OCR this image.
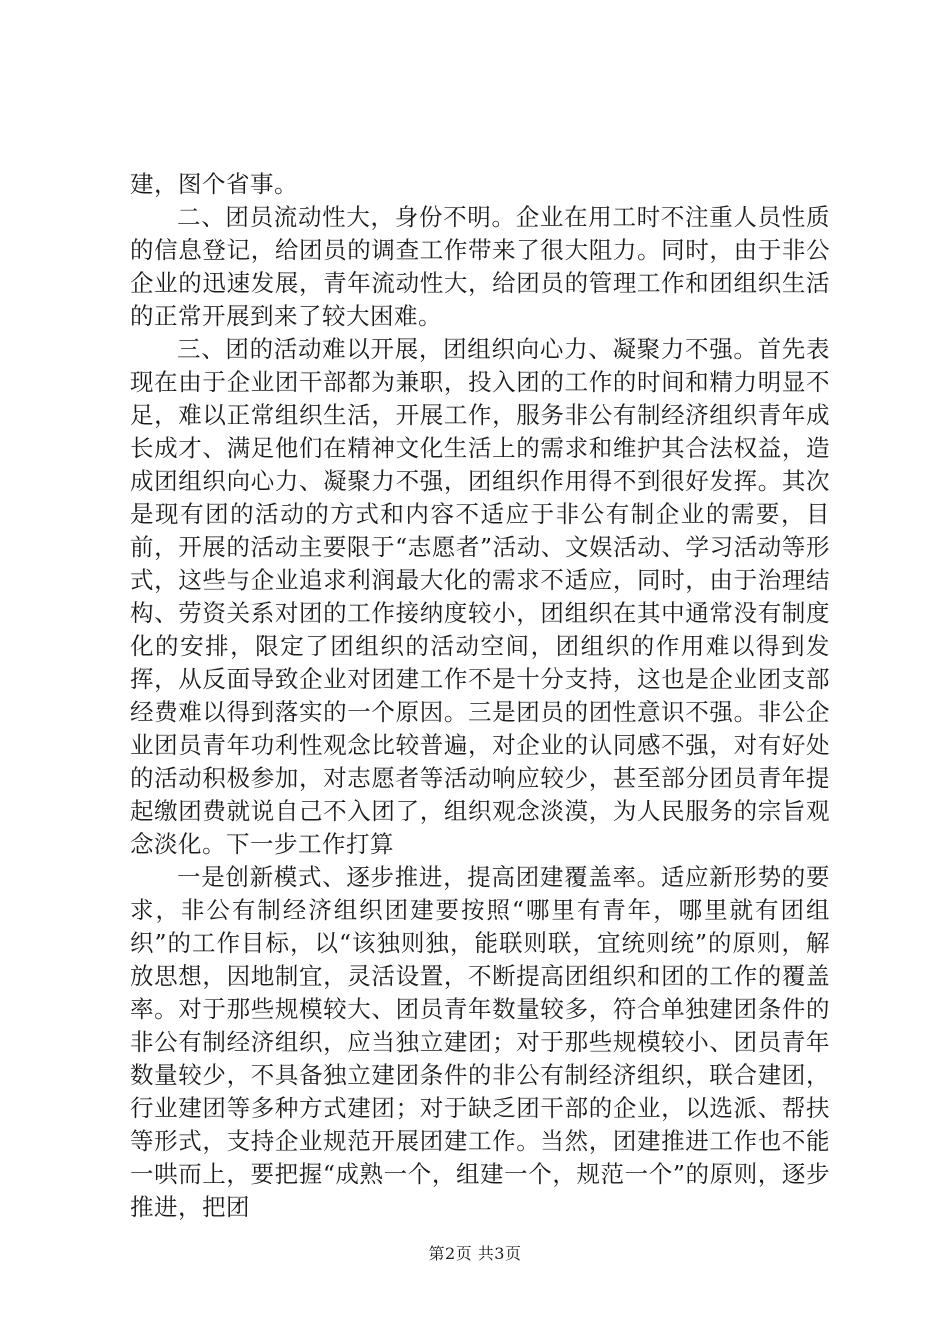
建，图个省事。

二、团员流动性大，身份不明。企业在用工时不注重人员性质的信息登记，给团员的调查工作带来了很大阻力。同时，由于非公企业的迅速发展，青年流动性大，给团员的管理工作和团组织生活的正常开展到来了较大困难。

三、团的活动难以开展，团组织向心力、凝聚力不强。首先表现在由于企业团干部都为兼职，投入团的工作的时间和精力明显不足，难以正常组织生活，开展工作，服务非公有制经济组织青年成长成才、满足他们在精神文化生活上的需求和维护其合法权益，造成团组织向心力、凝聚力不强，团组织作用得不到很好发挥。其次是现有团的活动的方式和内容不适应于非公有制企业的需要，目前，开展的活动主要限于“志愿者”活动、文娱活动、学习活动等形式，这些与企业追求利润最大化的需求不适应，同时，由于治理结构、劳资关系对团的工作接纳度较小，团组织在其中通常没有制度化的安排，限定了团组织的活动空间，团组织的作用难以得到发挥，从反面导致企业对团建工作不是十分支持，这也是企业团支部经费难以得到落实的一个原因。三是团员的团性意识不强。非公企业团员青年功利性观念比较普遍，对企业的认同感不强，对有好处的活动积极参加，对志愿者等活动响应较少，甚至部分团员青年提起缴团费就说自己不入团了，组织观念淡漠，为人民服务的宗旨观念淡化。下一步工作打算

一是创新模式、逐步推进，提高团建覆盖率。适应新形势的要求，非公有制经济组织团建要按照“哪里有青年，哪里就有团组织”的工作目标，以“该独则独，能联则联，宜统则统”的原则，解放思想，因地制宜，灵活设置，不断提高团组织和团的工作的覆盖率。对于那些规模较大、团员青年数量较多，符合单独建团条件的非公有制经济组织，应当独立建团；对于那些规模较小、团员青年数量较少，不具备独立建团条件的非公有制经济组织，联合建团，行业建团等多种方式建团；对于缺乏团干部的企业，以选派、帮扶等形式，支持企业规范开展团建工作。当然，团建推进工作也不能一哄而上，要把握“成熟一个，组建一个，规范一个”的原则，逐步推进，把团

第2页 共3页
